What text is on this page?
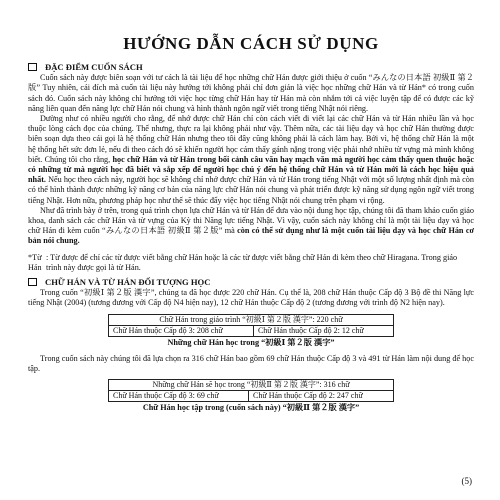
HƯỚNG DẪN CÁCH SỬ DỤNG
ĐẶC ĐIỂM CUỐN SÁCH

Cuốn sách này được biên soạn với tư cách là tài liệu để học những chữ Hán được giới thiệu ở cuốn “みんなの日本語 初級Ⅱ 第２版” Tuy nhiên, cái đích mà cuốn tài liệu này hướng tới không phải chỉ đơn giản là việc học những chữ Hán và từ Hán* có trong cuốn sách đó. Cuốn sách này không chỉ hướng tới việc học từng chữ Hán hay từ Hán mà còn nhắm tới cả việc luyện tập để có được các kỹ năng liên quan đến năng lực chữ Hán nói chung và hình thành ngôn ngữ viết trong tiếng Nhật nói riêng.

Dường như có nhiều người cho rằng, để nhớ được chữ Hán chỉ còn cách viết đi viết lại các chữ Hán và từ Hán nhiều lần và học thuộc lòng cách đọc của chúng. Thế nhưng, thực ra lại không phải như vậy. Thêm nữa, các tài liệu dạy và học chữ Hán thường được biên soạn dựa theo cái gọi là hệ thống chữ Hán nhưng theo tôi đây cũng không phải là cách làm hay. Bởi vì, hệ thống chữ Hán là một hệ thống hết sức đơn lẻ, nếu đi theo cách đó sẽ khiến người học cảm thấy gánh nặng trong việc phải nhớ nhiều từ vựng mà mình không biết. Chúng tôi cho rằng, học chữ Hán và từ Hán trong bối cảnh câu văn hay mạch văn mà người học cảm thấy quen thuộc hoặc có những từ mà người học đã biết và sắp xếp để người học chú ý đến hệ thống chữ Hán và từ Hán mới là cách học hiệu quả nhất. Nếu học theo cách này, người học sẽ không chỉ nhớ được chữ Hán và từ Hán trong tiếng Nhật với một số lượng nhất định mà còn có thể hình thành được những kỹ năng cơ bản của năng lực chữ Hán nói chung và phát triển được kỹ năng sử dụng ngôn ngữ viết trong tiếng Nhật. Hơn nữa, phương pháp học như thế sẽ thúc đẩy việc học tiếng Nhật nói chung trên phạm vi rộng.

Như đã trình bày ở trên, trong quá trình chọn lựa chữ Hán và từ Hán để đưa vào nội dung học tập, chúng tôi đã tham khảo cuốn giáo khoa, danh sách các chữ Hán và từ vựng của Kỳ thi Năng lực tiếng Nhật. Vì vậy, cuốn sách này không chỉ là một tài liệu dạy và học chữ Hán đi kèm cuốn “みんなの日本語 初級Ⅱ 第２版” mà còn có thể sử dụng như là một cuốn tài liệu dạy và học chữ Hán cơ bản nói chung.

*Từ Hán
: Từ được để chỉ các từ được viết bằng chữ Hán hoặc là các từ được viết bằng chữ Hán đi kèm theo chữ Hiragana. Trong giáo trình này được gọi là từ Hán.
CHỮ HÁN VÀ TỪ HÁN ĐỐI TƯỢNG HỌC

Trong cuốn “初級Ⅰ 第２版 漢字”, chúng ta đã học được 220 chữ Hán. Cụ thể là, 208 chữ Hán thuộc Cấp độ 3 Bộ đề thi Năng lực tiếng Nhật (2004) (tương đương với Cấp độ N4 hiện nay), 12 chữ Hán thuộc Cấp độ 2 (tương đương với trình độ N2 hiện nay).

Chữ Hán trong giáo trình “初級Ⅰ 第２版 漢字”: 220 chữ
Chữ Hán thuộc Cấp độ 3: 208 chữ	Chữ Hán thuộc Cấp độ 2: 12 chữ
Những chữ Hán học trong “初級Ⅰ 第２版 漢字”

Trong cuốn sách này chúng tôi đã lựa chọn ra 316 chữ Hán bao gồm 69 chữ Hán thuộc Cấp độ 3 và 491 từ Hán làm nội dung để học tập.

Những chữ Hán sẽ học trong “初級Ⅱ 第２版 漢字”: 316 chữ
Chữ Hán thuộc Cấp độ 3: 69 chữ	Chữ Hán thuộc Cấp độ 2: 247 chữ
Chữ Hán học tập trong (cuốn sách này) “初級Ⅱ 第２版 漢字”
(5)
